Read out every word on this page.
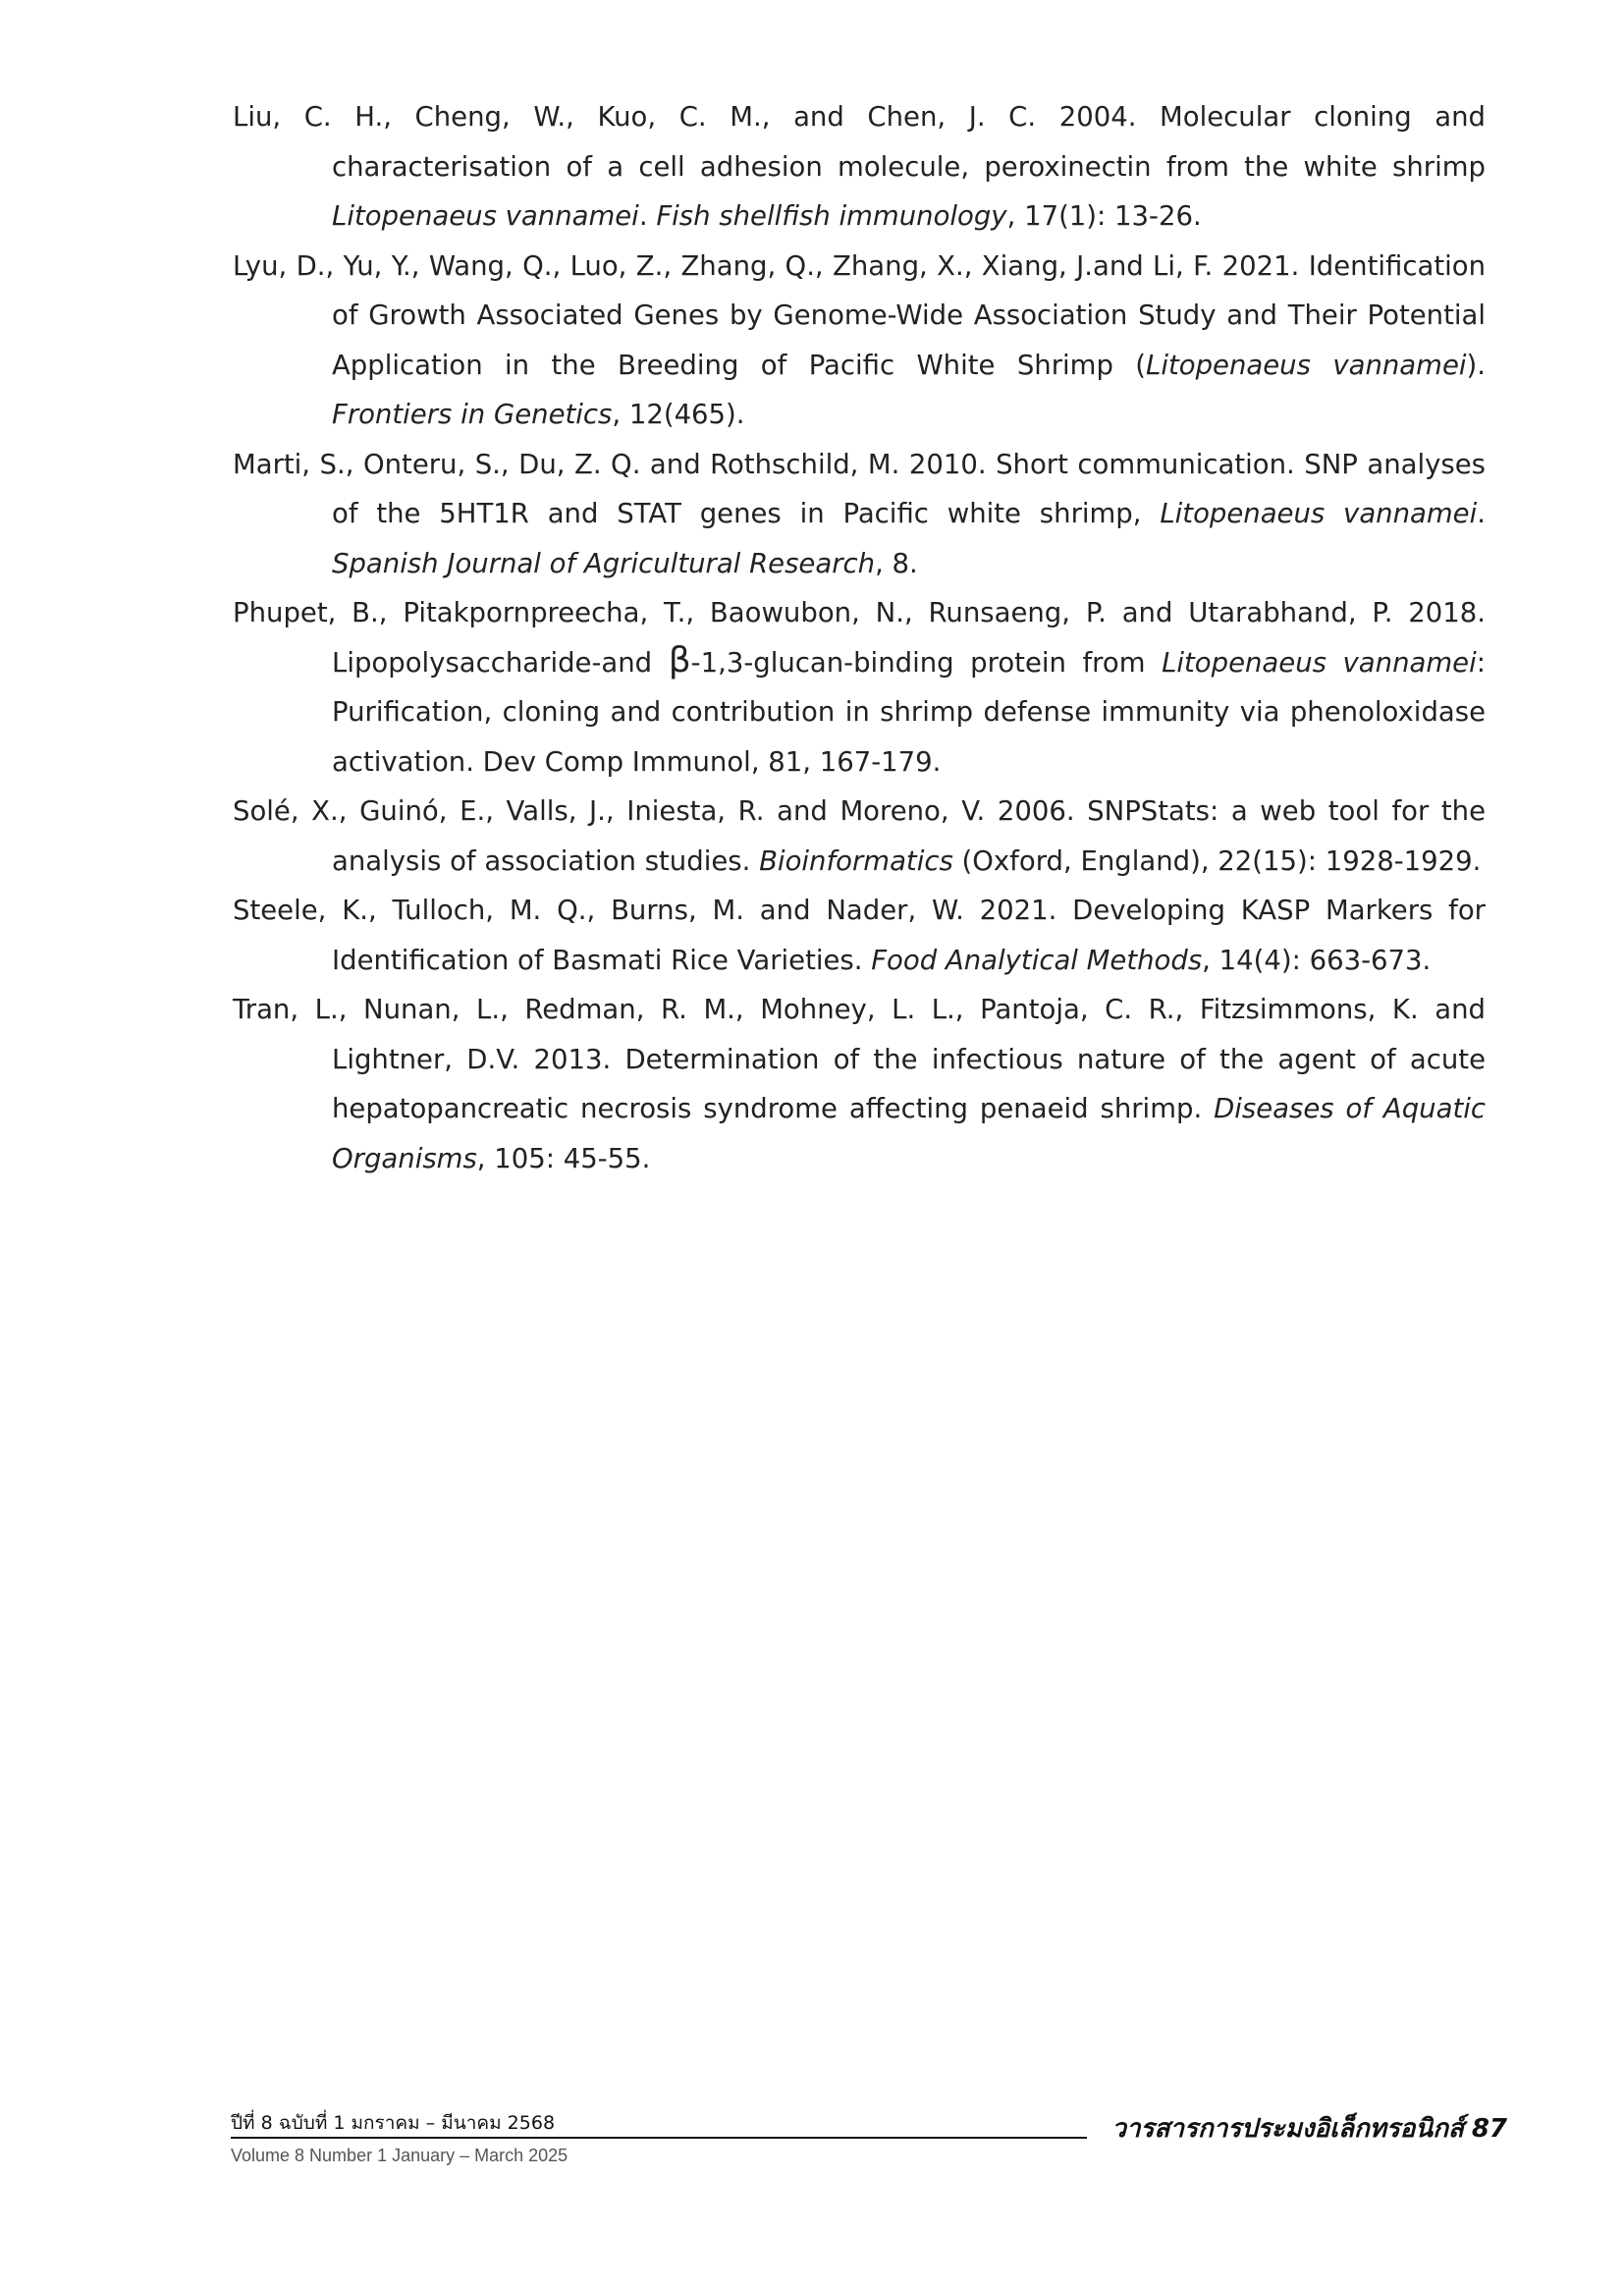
Liu, C. H., Cheng, W., Kuo, C. M., and Chen, J. C. 2004. Molecular cloning and characterisation of a cell adhesion molecule, peroxinectin from the white shrimp Litopenaeus vannamei. Fish shellfish immunology, 17(1): 13-26.
Lyu, D., Yu, Y., Wang, Q., Luo, Z., Zhang, Q., Zhang, X., Xiang, J.and Li, F. 2021. Identification of Growth Associated Genes by Genome-Wide Association Study and Their Potential Application in the Breeding of Pacific White Shrimp (Litopenaeus vannamei). Frontiers in Genetics, 12(465).
Marti, S., Onteru, S., Du, Z. Q. and Rothschild, M. 2010. Short communication. SNP analyses of the 5HT1R and STAT genes in Pacific white shrimp, Litopenaeus vannamei. Spanish Journal of Agricultural Research, 8.
Phupet, B., Pitakpornpreecha, T., Baowubon, N., Runsaeng, P. and Utarabhand, P. 2018. Lipopolysaccharide-and β-1,3-glucan-binding protein from Litopenaeus vannamei: Purification, cloning and contribution in shrimp defense immunity via phenoloxidase activation. Dev Comp Immunol, 81, 167-179.
Solé, X., Guinó, E., Valls, J., Iniesta, R. and Moreno, V. 2006. SNPStats: a web tool for the analysis of association studies. Bioinformatics (Oxford, England), 22(15): 1928-1929.
Steele, K., Tulloch, M. Q., Burns, M. and Nader, W. 2021. Developing KASP Markers for Identification of Basmati Rice Varieties. Food Analytical Methods, 14(4): 663-673.
Tran, L., Nunan, L., Redman, R. M., Mohney, L. L., Pantoja, C. R., Fitzsimmons, K. and Lightner, D.V. 2013. Determination of the infectious nature of the agent of acute hepatopancreatic necrosis syndrome affecting penaeid shrimp. Diseases of Aquatic Organisms, 105: 45-55.
ปีที่ 8 ฉบับที่ 1 มกราคม – มีนาคม 2568	วารสารการประมงอิเล็กทรอนิกส์ 87
Volume 8 Number 1 January – March 2025
